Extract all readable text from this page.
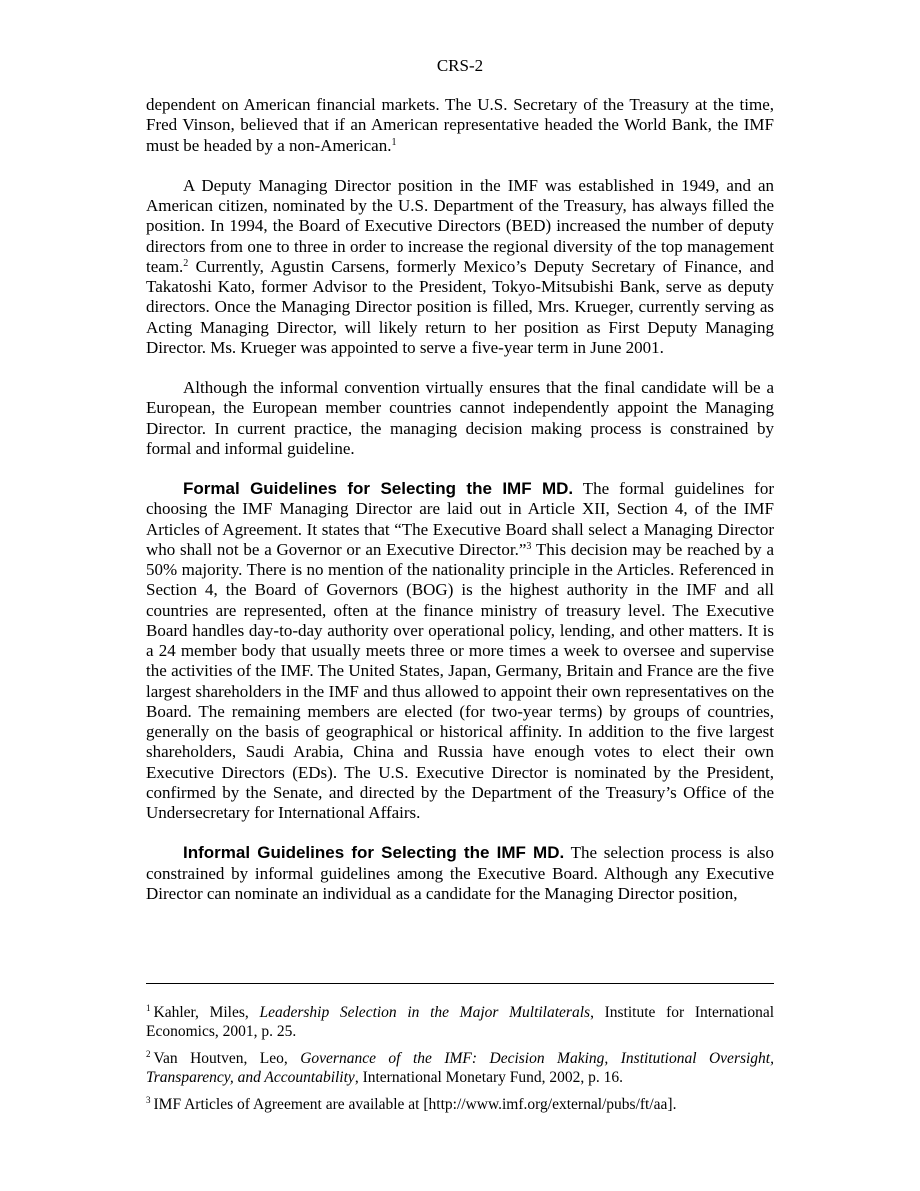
CRS-2

dependent on American financial markets. The U.S. Secretary of the Treasury at the time, Fred Vinson, believed that if an American representative headed the World Bank, the IMF must be headed by a non-American.$^1$

A Deputy Managing Director position in the IMF was established in 1949, and an American citizen, nominated by the U.S. Department of the Treasury, has always filled the position. In 1994, the Board of Executive Directors (BED) increased the number of deputy directors from one to three in order to increase the regional diversity of the top management team.$^2$ Currently, Agustin Carsens, formerly Mexico’s Deputy Secretary of Finance, and Takatoshi Kato, former Advisor to the President, Tokyo-Mitsubishi Bank, serve as deputy directors. Once the Managing Director position is filled, Mrs. Krueger, currently serving as Acting Managing Director, will likely return to her position as First Deputy Managing Director. Ms. Krueger was appointed to serve a five-year term in June 2001.

Although the informal convention virtually ensures that the final candidate will be a European, the European member countries cannot independently appoint the Managing Director. In current practice, the managing decision making process is constrained by formal and informal guideline.

Formal Guidelines for Selecting the IMF MD. The formal guidelines for choosing the IMF Managing Director are laid out in Article XII, Section 4, of the IMF Articles of Agreement. It states that “The Executive Board shall select a Managing Director who shall not be a Governor or an Executive Director.”$^3$ This decision may be reached by a 50% majority. There is no mention of the nationality principle in the Articles. Referenced in Section 4, the Board of Governors (BOG) is the highest authority in the IMF and all countries are represented, often at the finance ministry of treasury level. The Executive Board handles day-to-day authority over operational policy, lending, and other matters. It is a 24 member body that usually meets three or more times a week to oversee and supervise the activities of the IMF. The United States, Japan, Germany, Britain and France are the five largest shareholders in the IMF and thus allowed to appoint their own representatives on the Board. The remaining members are elected (for two-year terms) by groups of countries, generally on the basis of geographical or historical affinity. In addition to the five largest shareholders, Saudi Arabia, China and Russia have enough votes to elect their own Executive Directors (EDs). The U.S. Executive Director is nominated by the President, confirmed by the Senate, and directed by the Department of the Treasury’s Office of the Undersecretary for International Affairs.

Informal Guidelines for Selecting the IMF MD. The selection process is also constrained by informal guidelines among the Executive Board. Although any Executive Director can nominate an individual as a candidate for the Managing Director position,

$^1$ Kahler, Miles, Leadership Selection in the Major Multilaterals, Institute for International Economics, 2001, p. 25.

$^2$ Van Houtven, Leo, Governance of the IMF: Decision Making, Institutional Oversight, Transparency, and Accountability, International Monetary Fund, 2002, p. 16.

$^3$ IMF Articles of Agreement are available at [http://www.imf.org/external/pubs/ft/aa].
